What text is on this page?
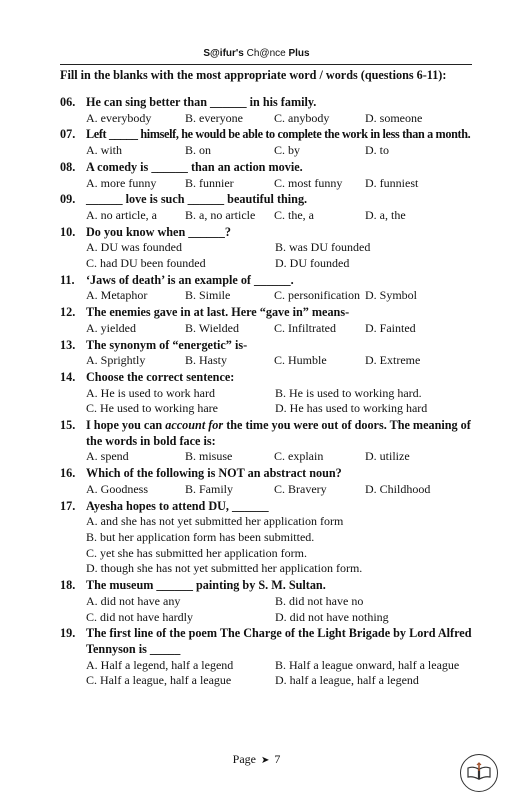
S@ifur's Ch@nce Plus
Fill in the blanks with the most appropriate word / words (questions 6-11):
06. He can sing better than ______ in his family.
A. everybody	B. everyone	C. anybody	D. someone
07. Left _____ himself, he would be able to complete the work in less than a month.
A. with	B. on	C. by	D. to
08. A comedy is ______ than an action movie.
A. more funny	B. funnier	C. most funny	D. funniest
09. ______ love is such ______ beautiful thing.
A. no article, a	B. a, no article	C. the, a	D. a, the
10. Do you know when ______?
A. DU was founded	B. was DU founded
C. had DU been founded	D. DU founded
11. ‘Jaws of death’ is an example of ______.
A. Metaphor	B. Simile	C. personification D. Symbol
12. The enemies gave in at last. Here “gave in” means-
A. yielded	B. Wielded	C. Infiltrated	D. Fainted
13. The synonym of “energetic” is-
A. Sprightly	B. Hasty	C. Humble	D. Extreme
14. Choose the correct sentence:
A. He is used to work hard	B. He is used to working hard.
C. He used to working hare	D. He has used to working hard
15. I hope you can account for the time you were out of doors. The meaning of the words in bold face is:
A. spend	B. misuse	C. explain	D. utilize
16. Which of the following is NOT an abstract noun?
A. Goodness	B. Family	C. Bravery	D. Childhood
17. Ayesha hopes to attend DU, ______
A. and she has not yet submitted her application form
B. but her application form has been submitted.
C. yet she has submitted her application form.
D. though she has not yet submitted her application form.
18. The museum ______ painting by S. M. Sultan.
A. did not have any	B. did not have no
C. did not have hardly	D. did not have nothing
19. The first line of the poem The Charge of the Light Brigade by Lord Alfred Tennyson is _____
A. Half a legend, half a legend	B. Half a league onward, half a league
C. Half a league, half a league	D. half a league, half a legend
Page ➤ 7
